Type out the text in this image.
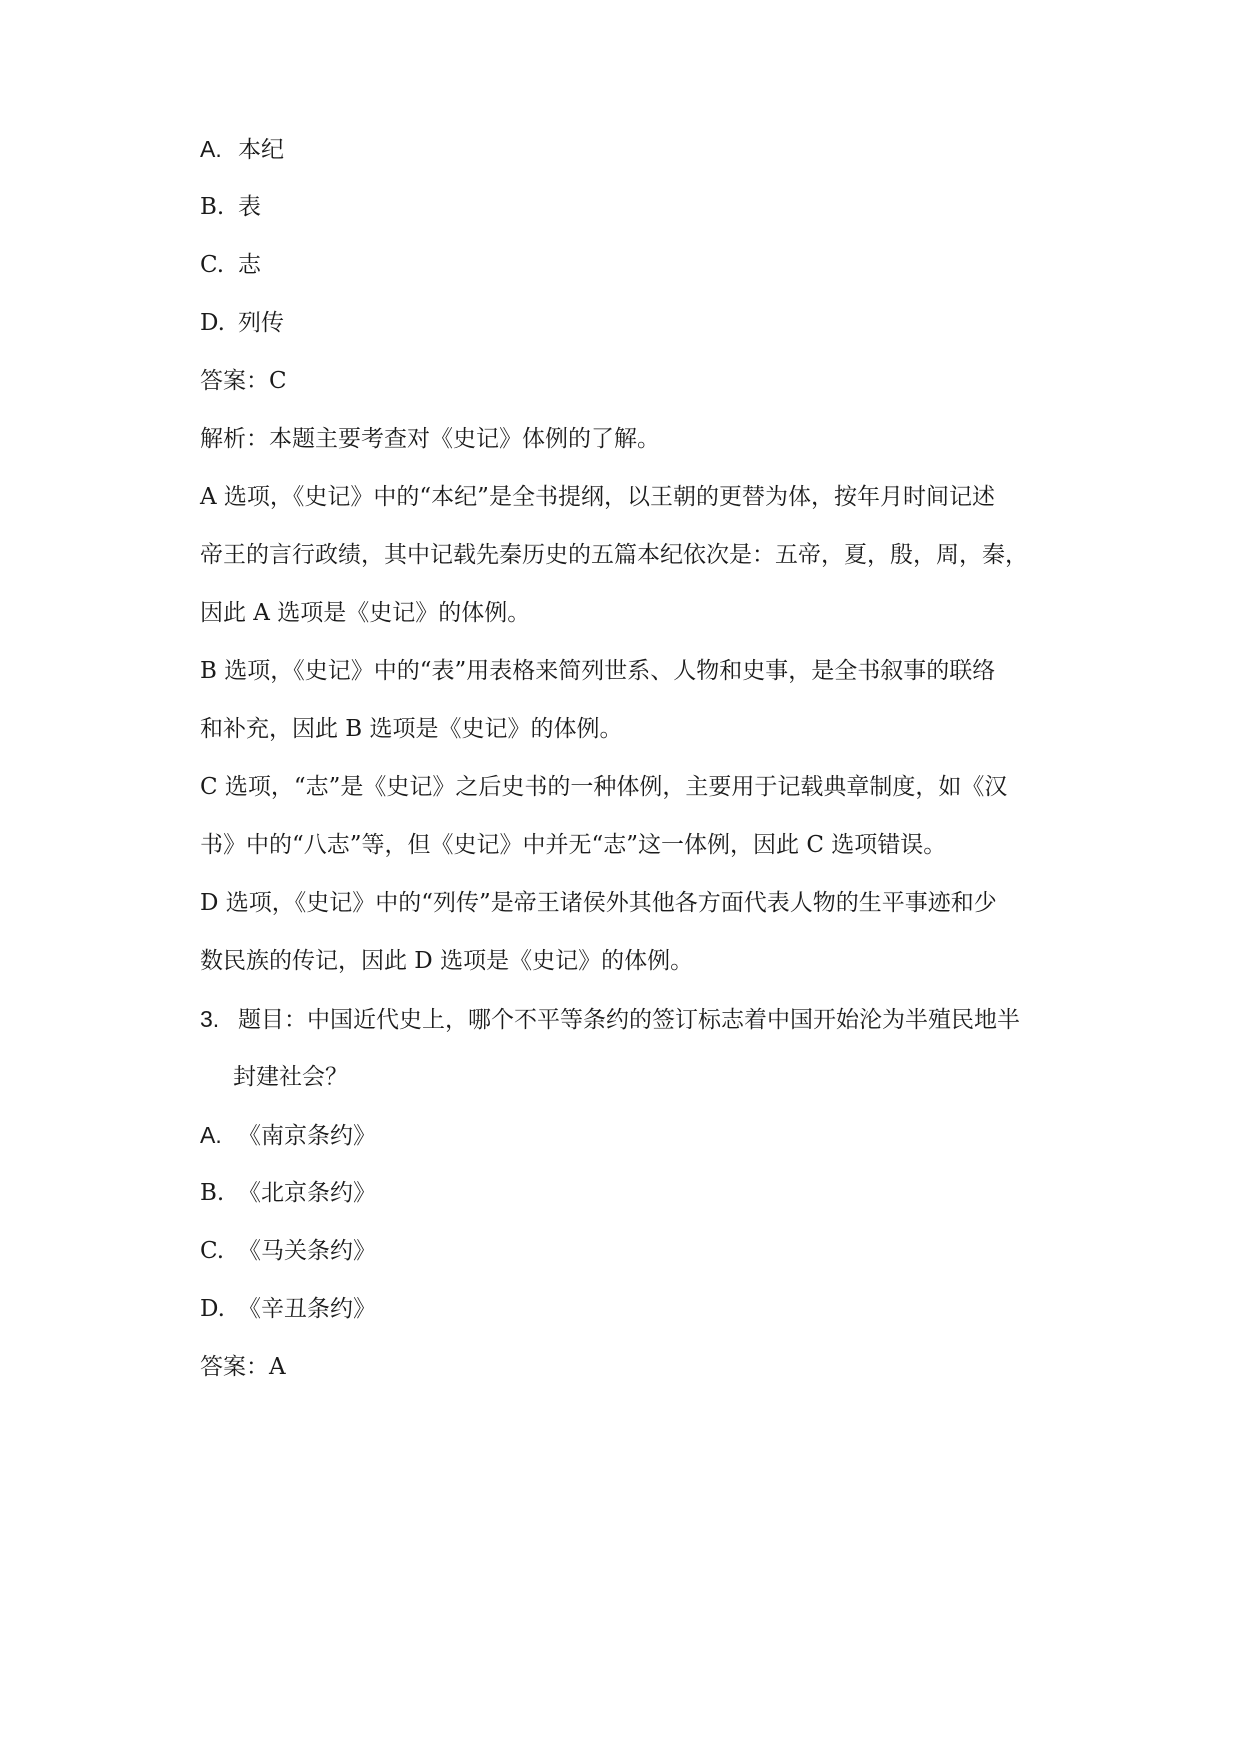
A. 本纪
B. 表
C. 志
D. 列传
答案：C
解析：本题主要考查对《史记》体例的了解。
A 选项，《史记》中的“本纪”是全书提纲，以王朝的更替为体，按年月时间记述
帝王的言行政绩，其中记载先秦历史的五篇本纪依次是：五帝，夏，殷，周，秦，
因此 A 选项是《史记》的体例。
B 选项，《史记》中的“表”用表格来简列世系、人物和史事，是全书叙事的联络
和补充，因此 B 选项是《史记》的体例。
C 选项，“志”是《史记》之后史书的一种体例，主要用于记载典章制度，如《汉
书》中的“八志”等，但《史记》中并无“志”这一体例，因此 C 选项错误。
D 选项，《史记》中的“列传”是帝王诸侯外其他各方面代表人物的生平事迹和少
数民族的传记，因此 D 选项是《史记》的体例。
3. 题目：中国近代史上，哪个不平等条约的签订标志着中国开始沦为半殖民地半
封建社会？
A. 《南京条约》
B. 《北京条约》
C. 《马关条约》
D. 《辛丑条约》
答案：A
